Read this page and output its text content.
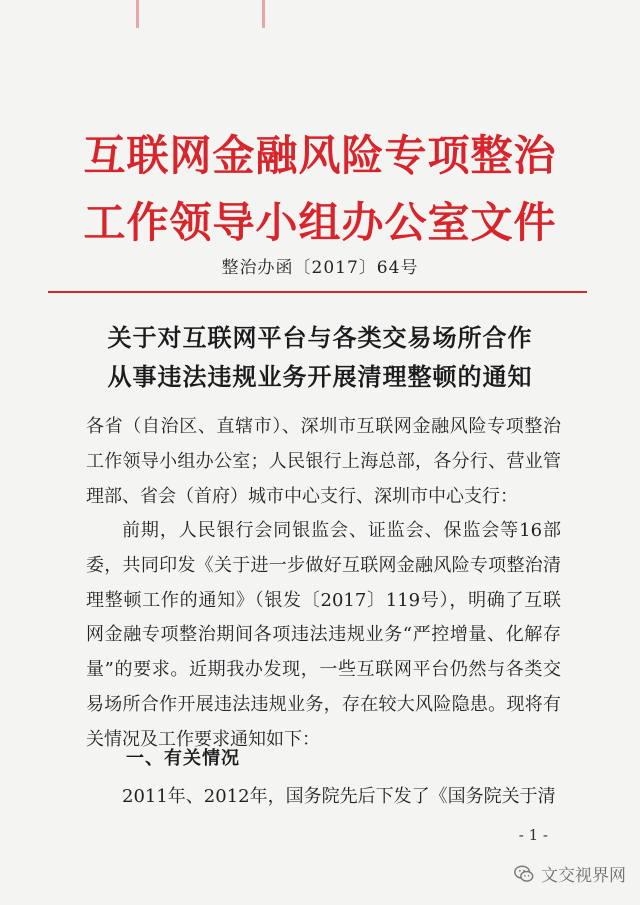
互联网金融风险专项整治
工作领导小组办公室文件
整治办函〔2017〕64号
关于对互联网平台与各类交易场所合作
从事违法违规业务开展清理整顿的通知

各省（自治区、直辖市）、深圳市互联网金融风险专项整治工作领导小组办公室；人民银行上海总部，各分行、营业管理部、省会（首府）城市中心支行、深圳市中心支行：

前期，人民银行会同银监会、证监会、保监会等16部委，共同印发《关于进一步做好互联网金融风险专项整治清理整顿工作的通知》（银发〔2017〕119号），明确了互联网金融专项整治期间各项违法违规业务“严控增量、化解存量”的要求。近期我办发现，一些互联网平台仍然与各类交易场所合作开展违法违规业务，存在较大风险隐患。现将有关情况及工作要求通知如下：

一、有关情况

2011年、2012年，国务院先后下发了《国务院关于清

- 1 -
文交视界网
